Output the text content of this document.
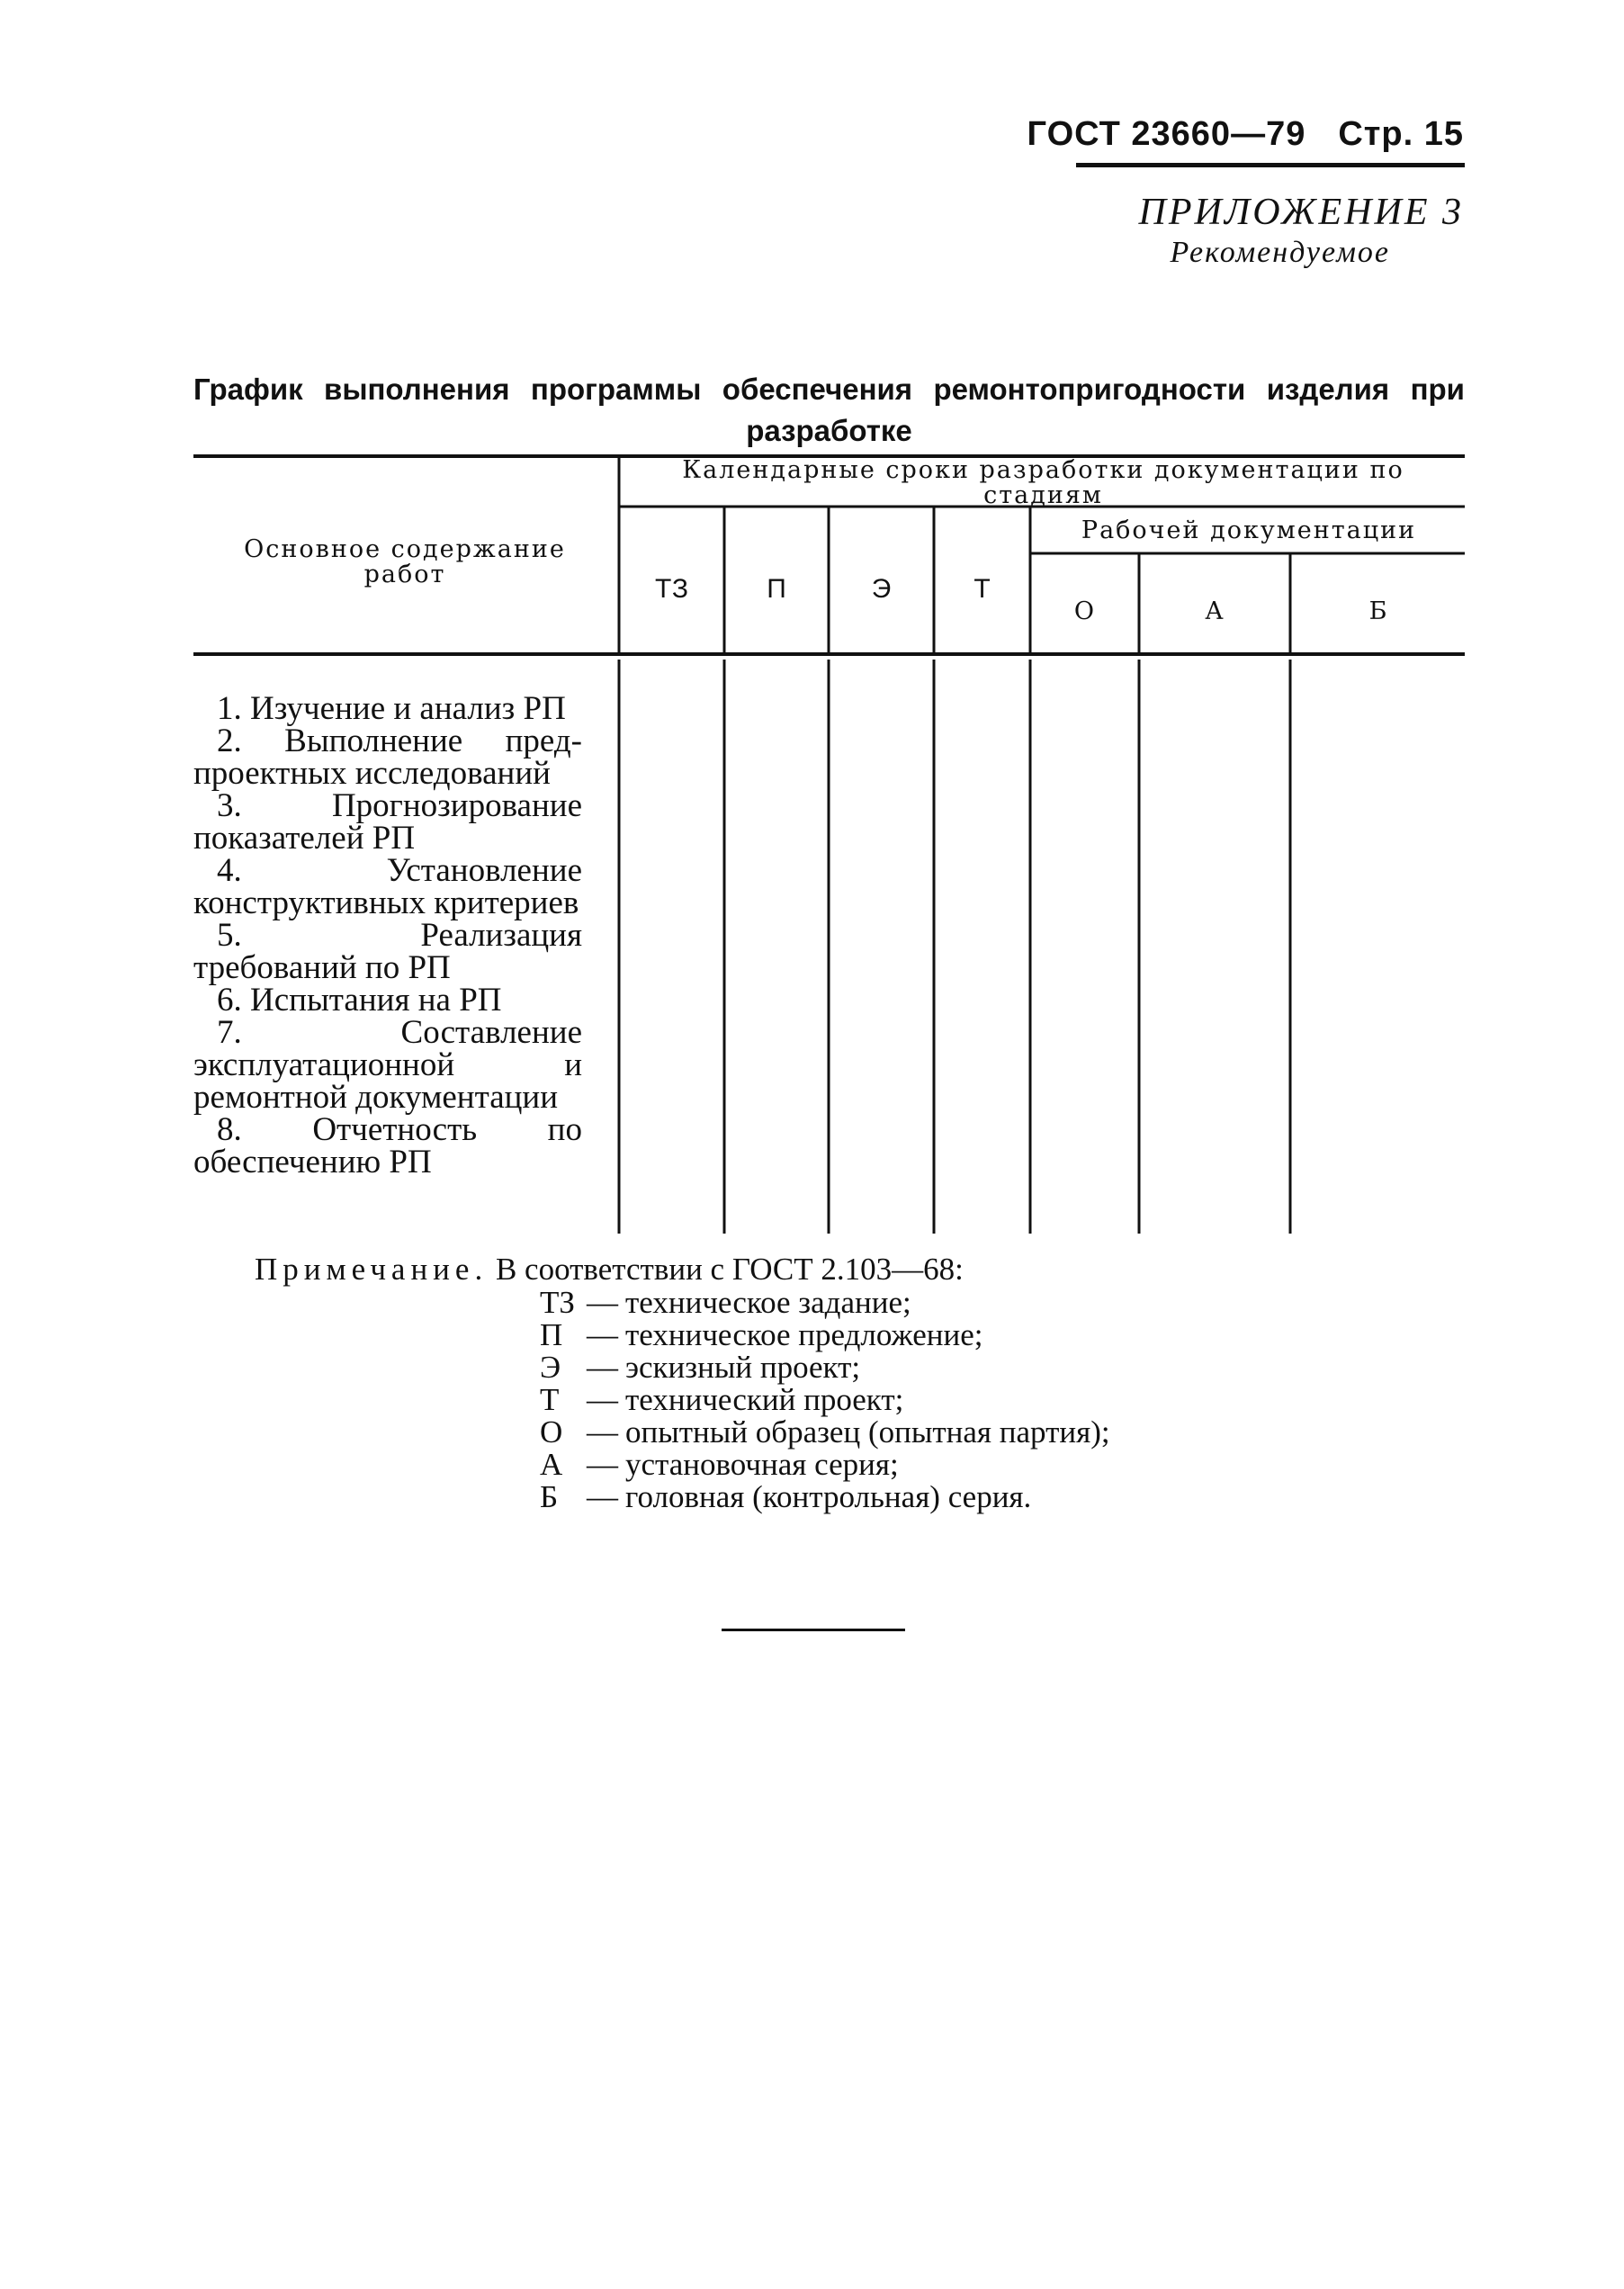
ГОСТ 23660—79 Стр. 15
ПРИЛОЖЕНИЕ 3
Рекомендуемое
График выполнения программы обеспечения ремонтопригодности изделия при
разработке
Основное содержание работ
Календарные сроки разработки документации по стадиям
ТЗ	П	Э	Т
Рабочей документации
О	А	Б
1. Изучение и анализ РП
2. Выполнение пред-проектных исследований
3. Прогнозирование показателей РП
4. Установление конструктивных критериев
5. Реализация требований по РП
6. Испытания на РП
7. Составление эксплуатационной и ремонтной документации
8. Отчетность по обеспечению РП
Примечание. В соответствии с ГОСТ 2.103—68:
ТЗ — техническое задание;
П — техническое предложение;
Э — эскизный проект;
Т — технический проект;
О — опытный образец (опытная партия);
А — установочная серия;
Б — головная (контрольная) серия.
